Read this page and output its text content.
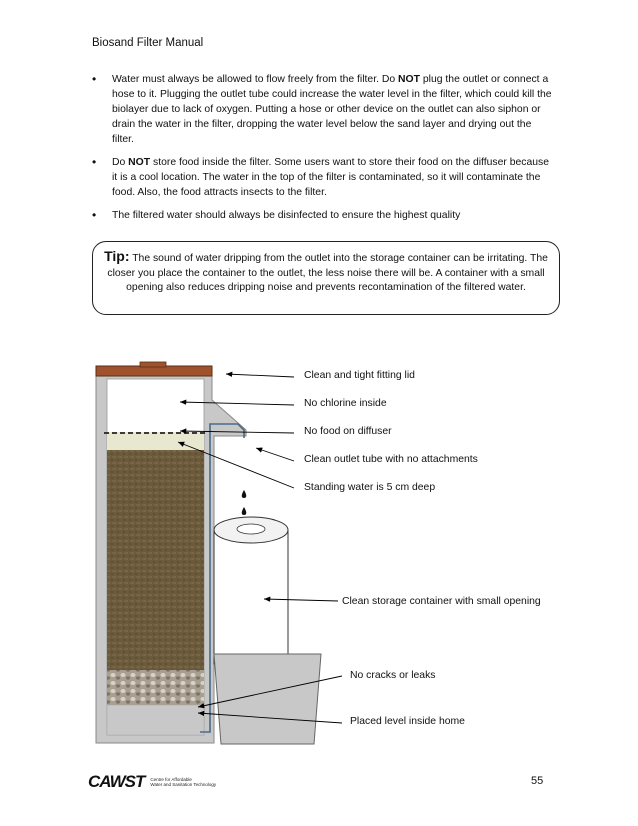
Biosand Filter Manual
•	Water must always be allowed to flow freely from the filter. Do NOT plug the outlet or connect a hose to it. Plugging the outlet tube could increase the water level in the filter, which could kill the biolayer due to lack of oxygen. Putting a hose or other device on the outlet can also siphon or drain the water in the filter, dropping the water level below the sand layer and drying out the filter.
•	Do NOT store food inside the filter. Some users want to store their food on the diffuser because it is a cool location. The water in the top of the filter is contaminated, so it will contaminate the food. Also, the food attracts insects to the filter.
•	The filtered water should always be disinfected to ensure the highest quality
Tip: The sound of water dripping from the outlet into the storage container can be irritating. The closer you place the container to the outlet, the less noise there will be. A container with a small opening also reduces dripping noise and prevents recontamination of the filtered water.
Clean and tight fitting lid
No chlorine inside
No food on diffuser
Clean outlet tube with no attachments
Standing water is 5 cm deep
Clean storage container with small opening
No cracks or leaks
Placed level inside home
CAWST Centre for Affordable
Water and Sanitation Technology	55
